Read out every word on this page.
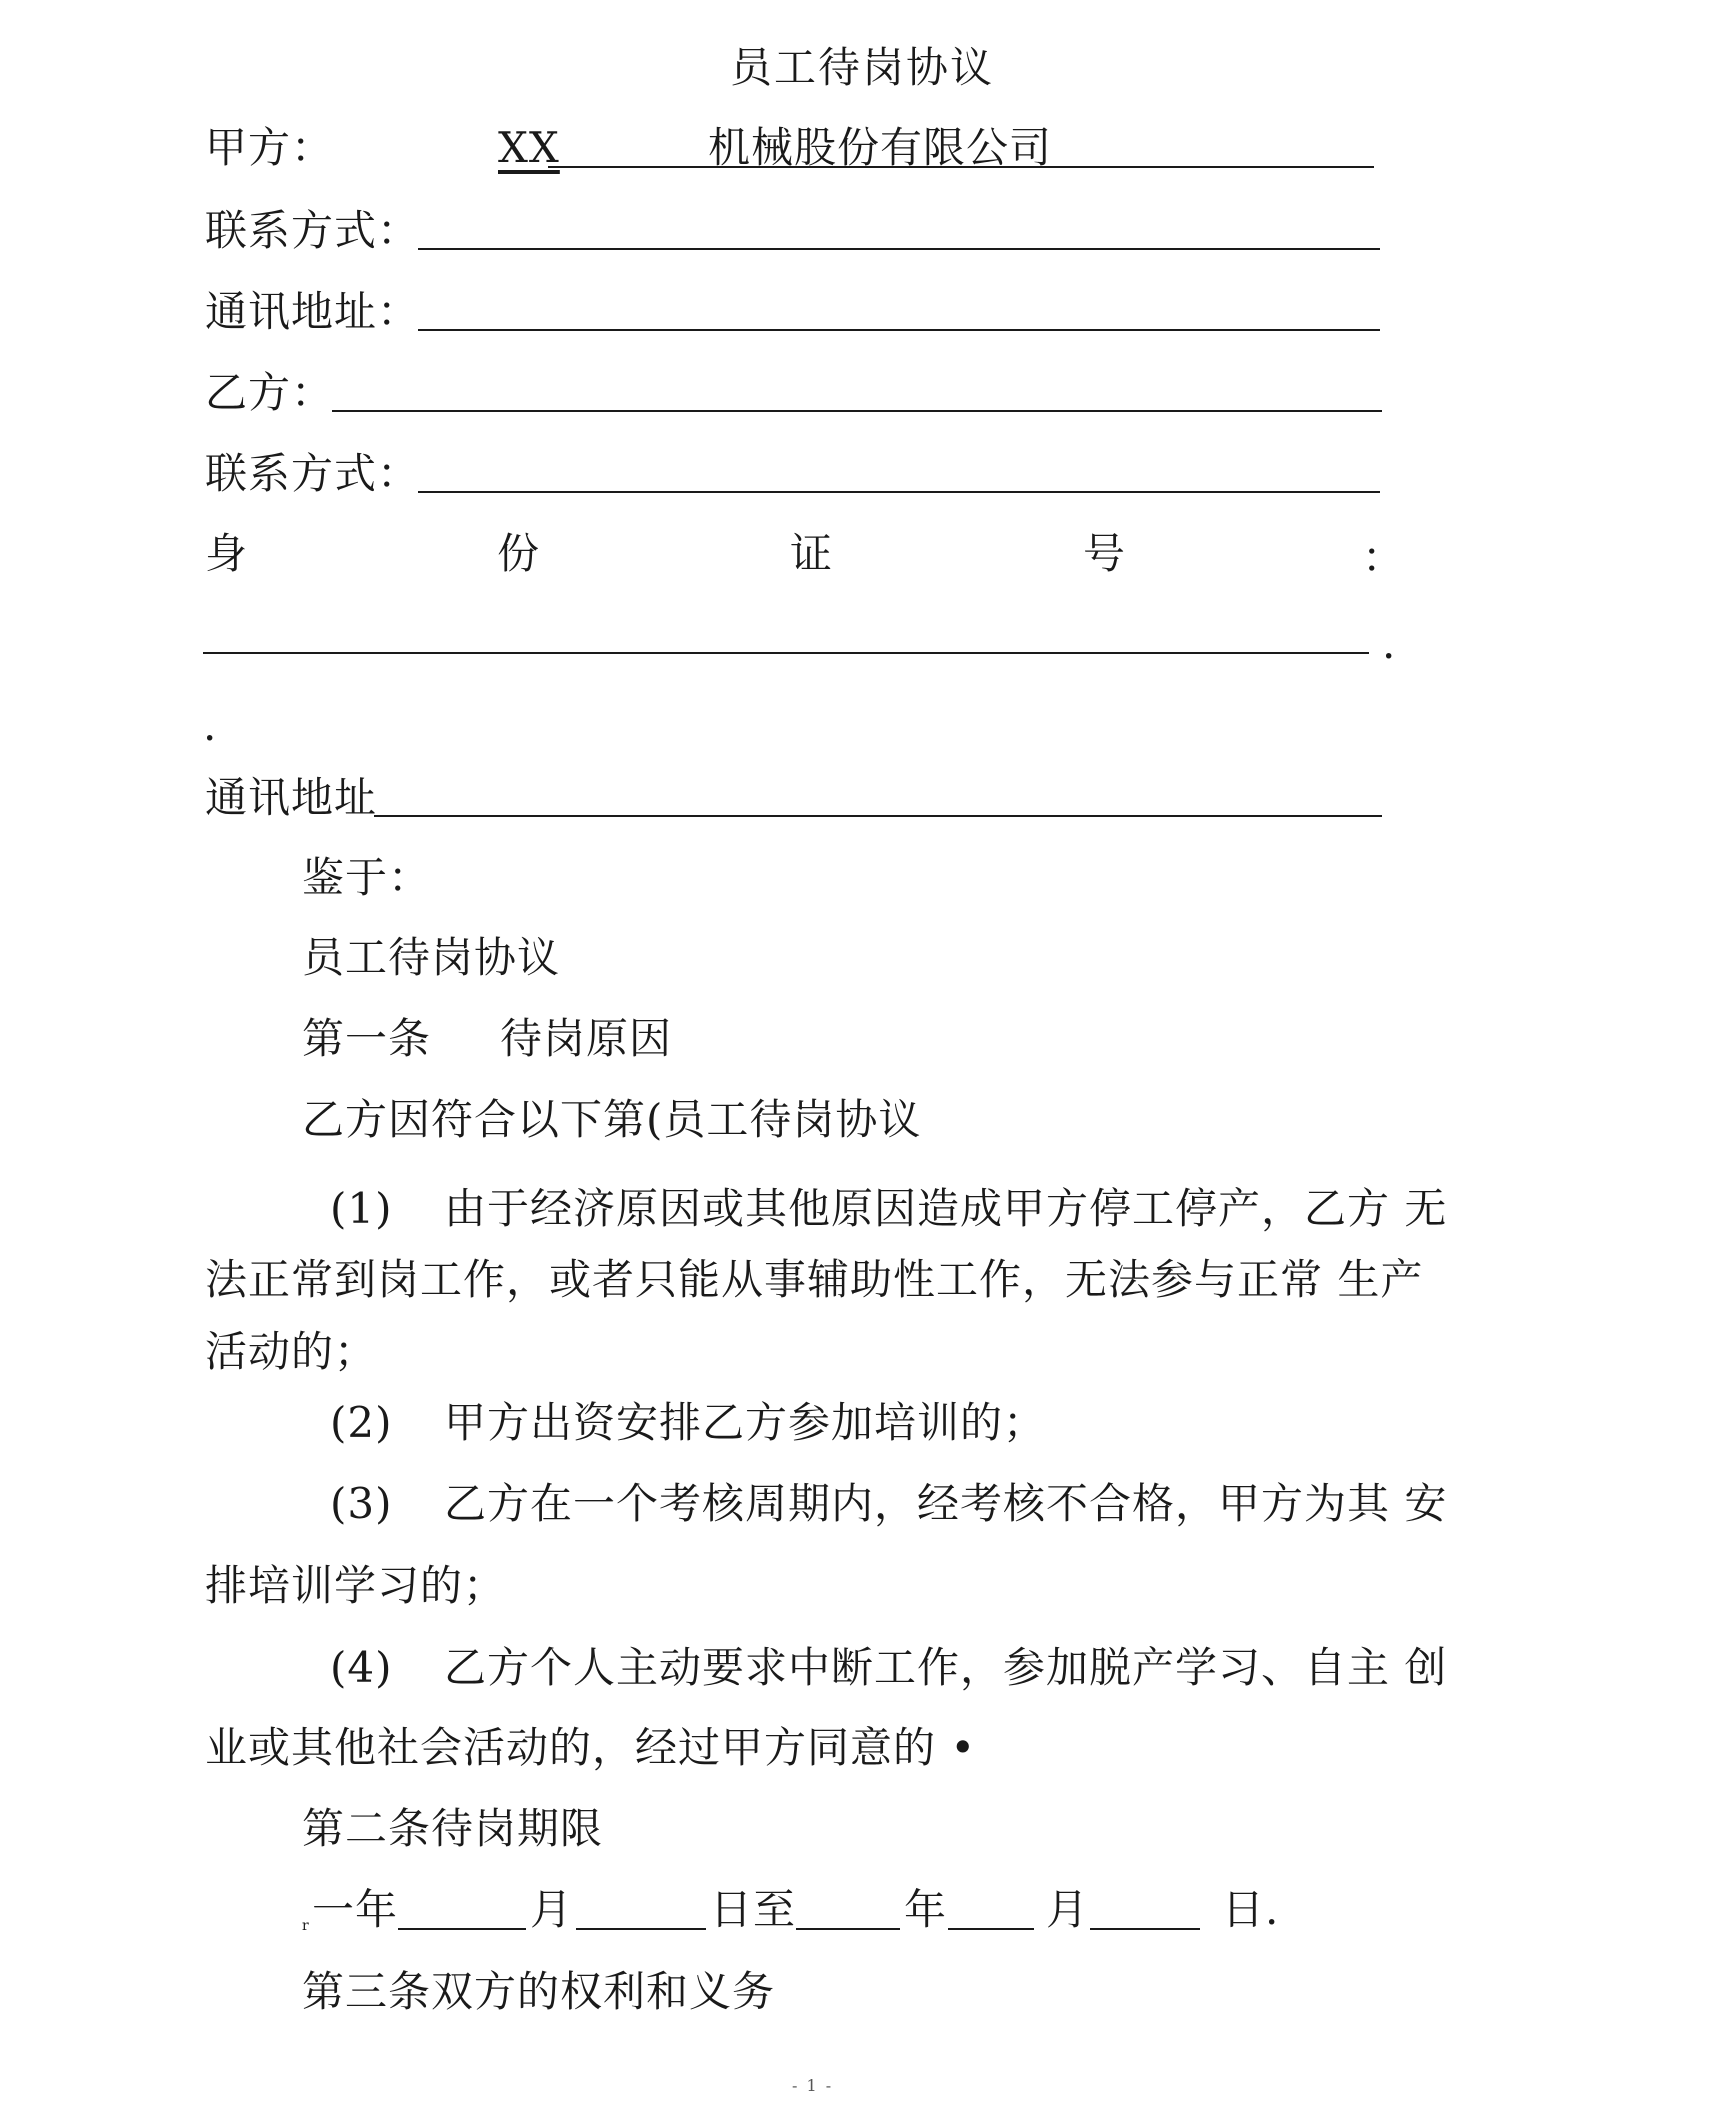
员工待岗协议
甲方：	XX	机械股份有限公司
联系方式：
通讯地址：
乙方：
联系方式：
身	份	证	号	：
.
.
通讯地址
鉴于：
员工待岗协议
第一条 待岗原因
乙方因符合以下第(员工待岗协议
(1) 由于经济原因或其他原因造成甲方停工停产，乙方 无
法正常到岗工作，或者只能从事辅助性工作，无法参与正常 生产
活动的；
(2) 甲方出资安排乙方参加培训的；
(3) 乙方在一个考核周期内，经考核不合格，甲方为其 安
排培训学习的；
(4) 乙方个人主动要求中断工作，参加脱产学习、自主 创
业或其他社会活动的，经过甲方同意的 •
第二条待岗期限
r 一年	月	日至	年 月	日.
第三条双方的权利和义务
- 1 -
